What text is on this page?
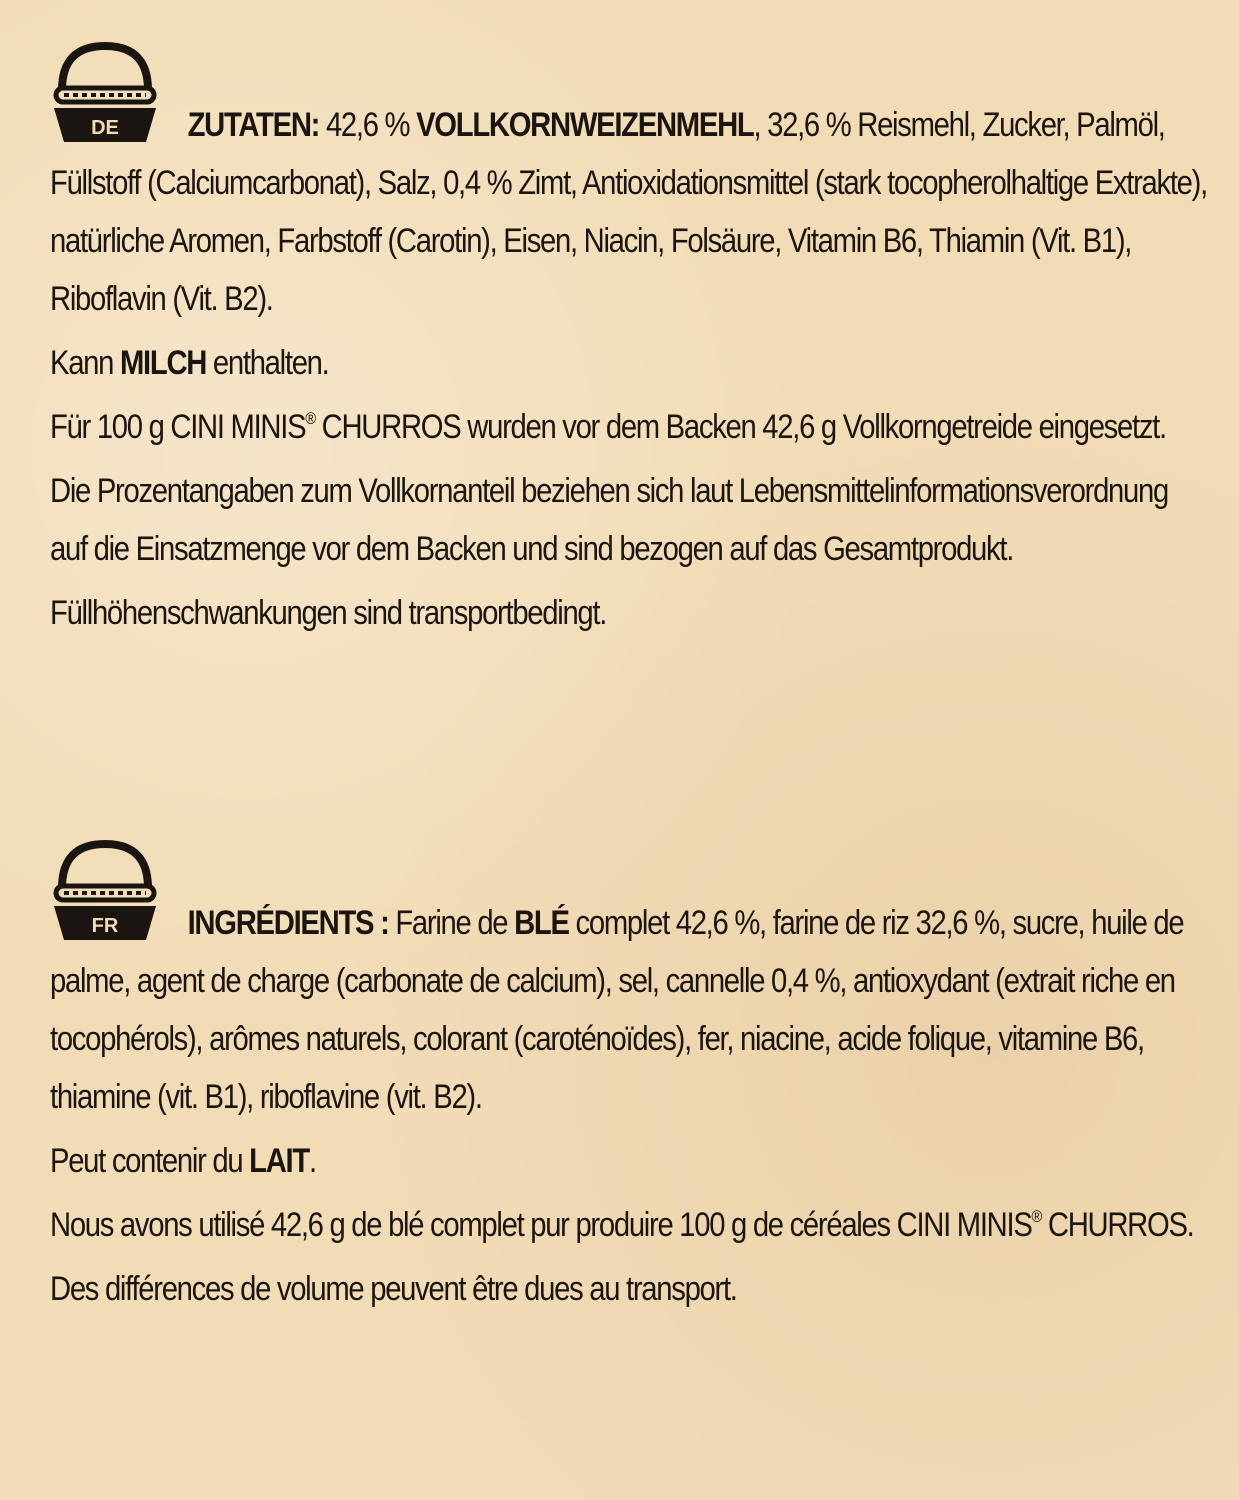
DE	ZUTATEN: 42,6 % VOLLKORNWEIZENMEHL, 32,6 % Reismehl, Zucker, Palmöl, Füllstoff (Calciumcarbonat), Salz, 0,4 % Zimt, Antioxidationsmittel (stark tocopherolhaltige Extrakte), natürliche Aromen, Farbstoff (Carotin), Eisen, Niacin, Folsäure, Vitamin B6, Thiamin (Vit. B1), Riboflavin (Vit. B2).

Kann MILCH enthalten.

Für 100 g CINI MINIS® CHURROS wurden vor dem Backen 42,6 g Vollkorngetreide eingesetzt.

Die Prozentangaben zum Vollkornanteil beziehen sich laut Lebensmittelinformationsverordnung auf die Einsatzmenge vor dem Backen und sind bezogen auf das Gesamtprodukt.

Füllhöhenschwankungen sind transportbedingt.

FR	INGRÉDIENTS : Farine de BLÉ complet 42,6 %, farine de riz 32,6 %, sucre, huile de palme, agent de charge (carbonate de calcium), sel, cannelle 0,4 %, antioxydant (extrait riche en tocophérols), arômes naturels, colorant (caroténoïdes), fer, niacine, acide folique, vitamine B6, thiamine (vit. B1), riboflavine (vit. B2).

Peut contenir du LAIT.

Nous avons utilisé 42,6 g de blé complet pur produire 100 g de céréales CINI MINIS® CHURROS.

Des différences de volume peuvent être dues au transport.
